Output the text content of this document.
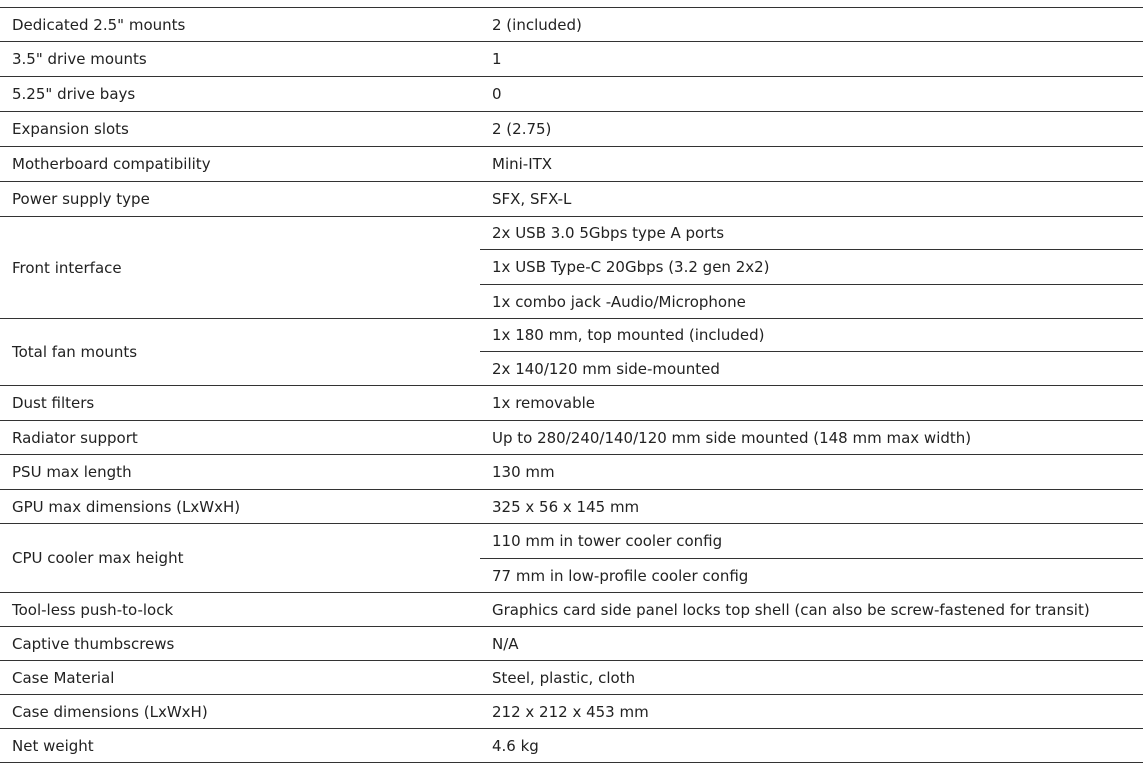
Dedicated 2.5" mounts	2 (included)
3.5" drive mounts	1
5.25" drive bays	0
Expansion slots	2 (2.75)
Motherboard compatibility	Mini-ITX
Power supply type	SFX, SFX-L
Front interface	2x USB 3.0 5Gbps type A ports
	1x USB Type-C 20Gbps (3.2 gen 2x2)
	1x combo jack -Audio/Microphone
Total fan mounts	1x 180 mm, top mounted (included)
	2x 140/120 mm side-mounted
Dust filters	1x removable
Radiator support	Up to 280/240/140/120 mm side mounted (148 mm max width)
PSU max length	130 mm
GPU max dimensions (LxWxH)	325 x 56 x 145 mm
CPU cooler max height	110 mm in tower cooler config
	77 mm in low-profile cooler config
Tool-less push-to-lock	Graphics card side panel locks top shell (can also be screw-fastened for transit)
Captive thumbscrews	N/A
Case Material	Steel, plastic, cloth
Case dimensions (LxWxH)	212 x 212 x 453 mm
Net weight	4.6 kg
